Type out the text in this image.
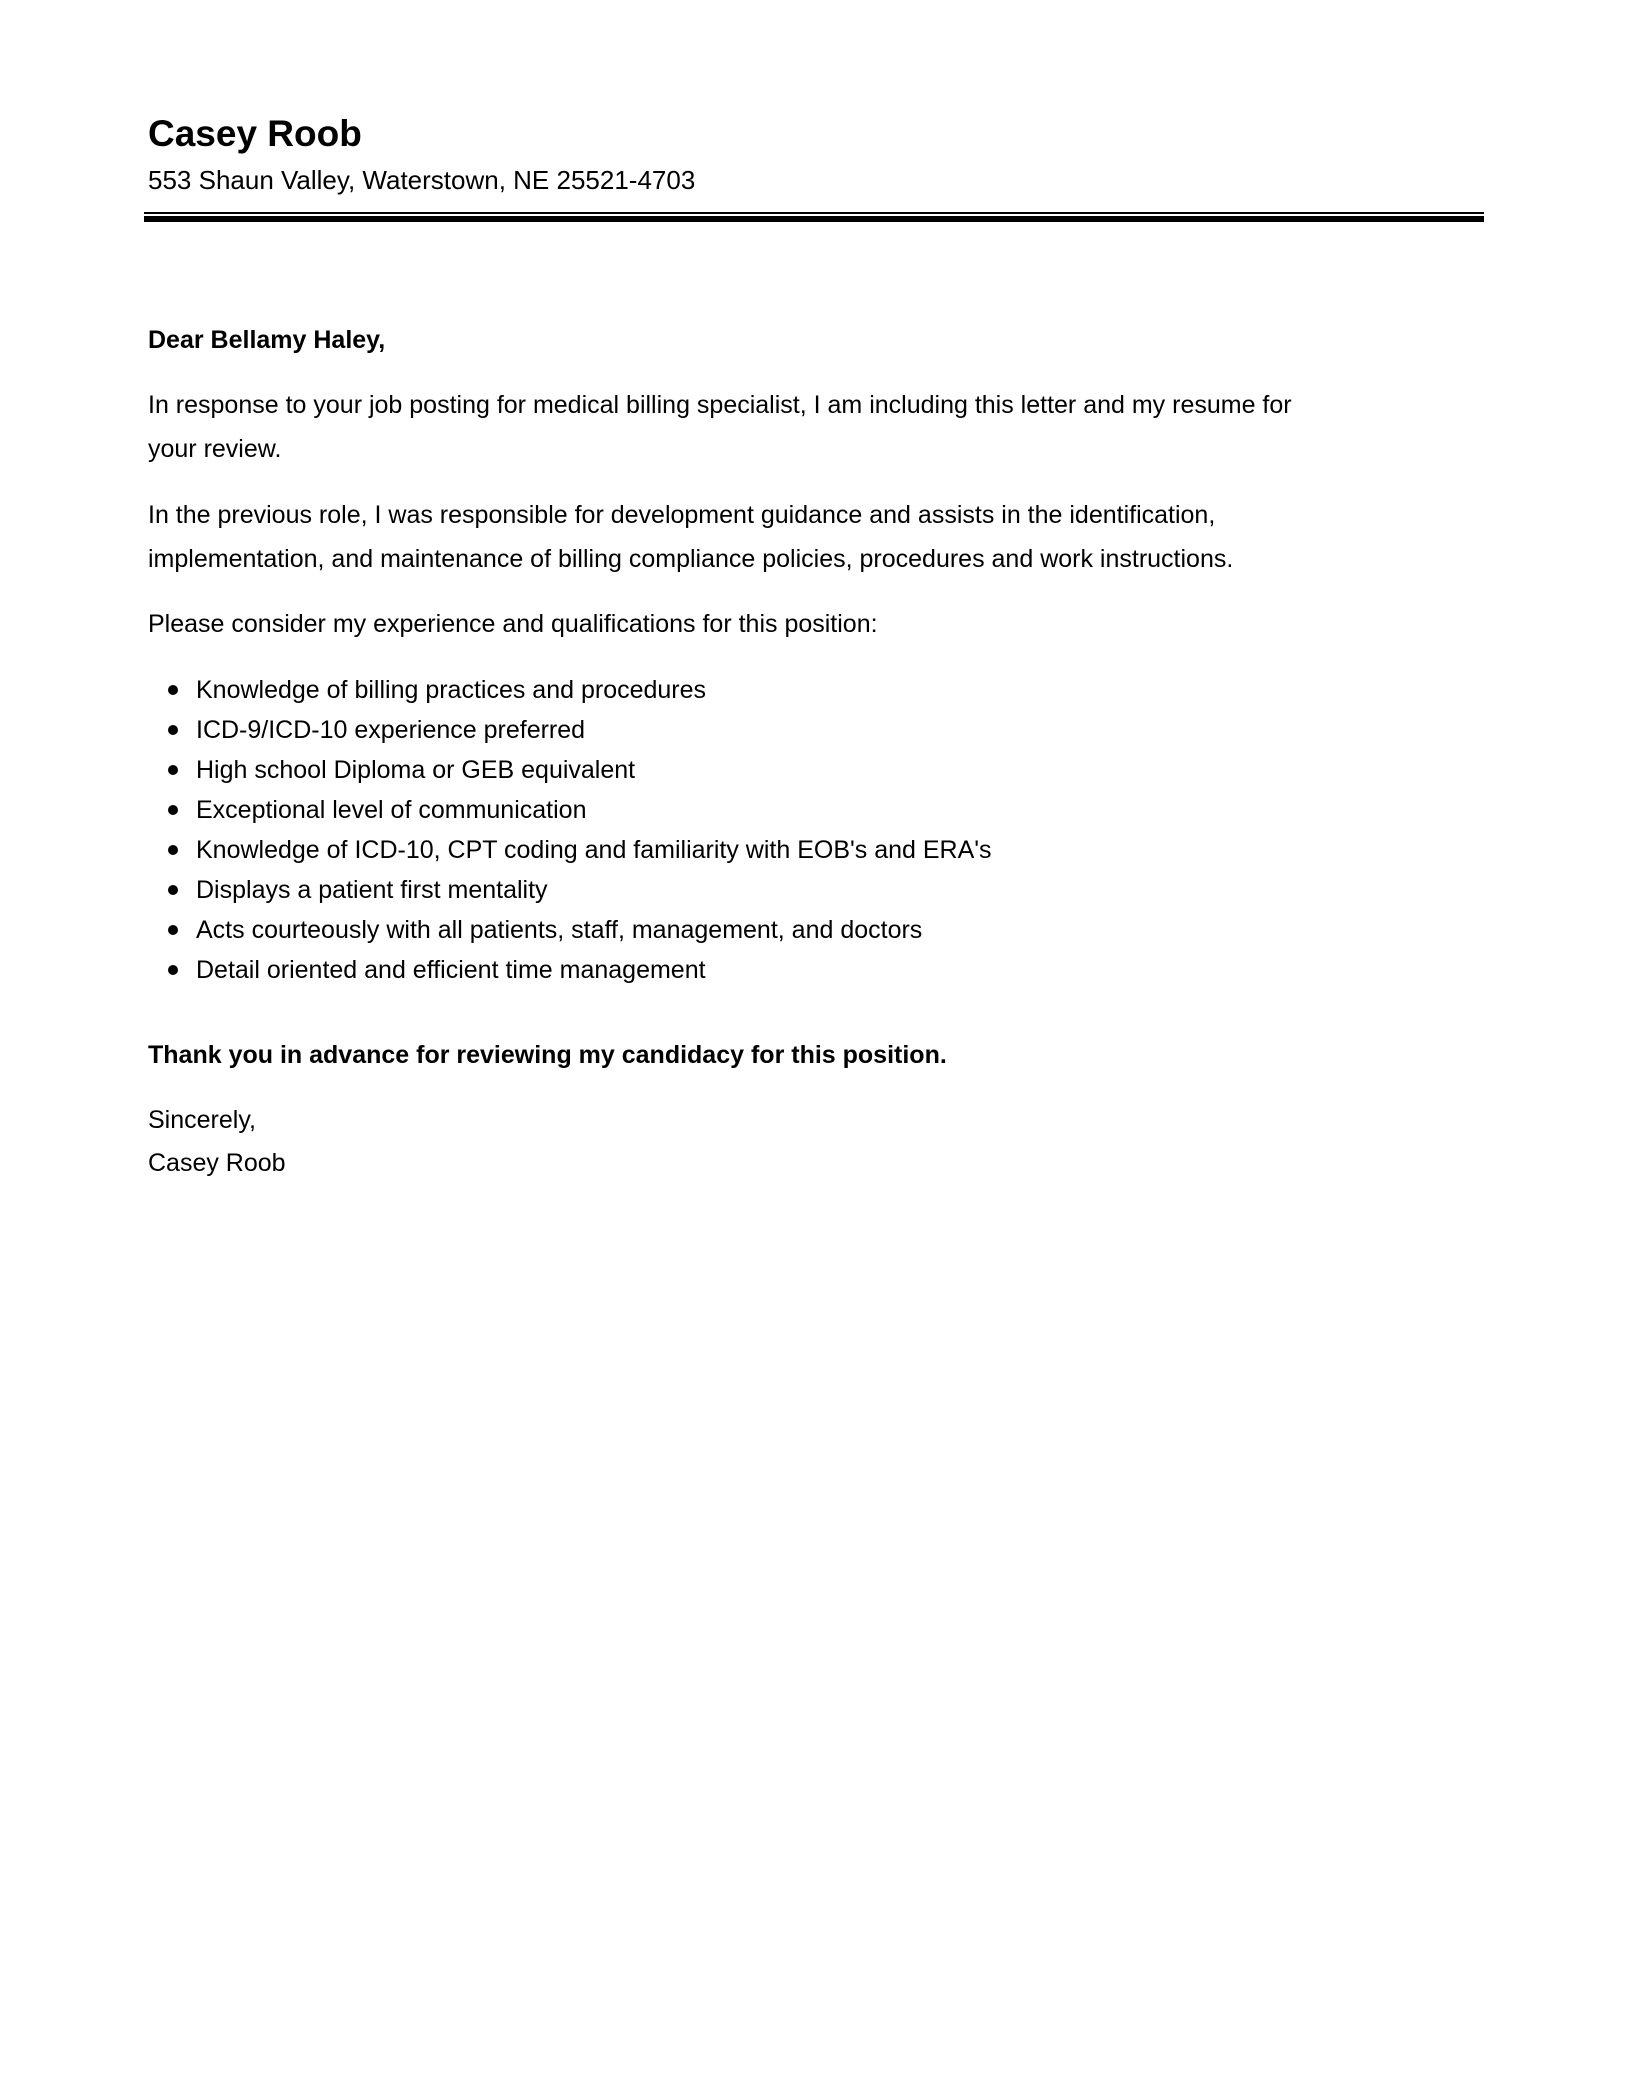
Casey Roob
553 Shaun Valley, Waterstown, NE 25521-4703
Dear Bellamy Haley,
In response to your job posting for medical billing specialist, I am including this letter and my resume for
your review.
In the previous role, I was responsible for development guidance and assists in the identification,
implementation, and maintenance of billing compliance policies, procedures and work instructions.
Please consider my experience and qualifications for this position:
Knowledge of billing practices and procedures
ICD-9/ICD-10 experience preferred
High school Diploma or GEB equivalent
Exceptional level of communication
Knowledge of ICD-10, CPT coding and familiarity with EOB's and ERA's
Displays a patient first mentality
Acts courteously with all patients, staff, management, and doctors
Detail oriented and efficient time management
Thank you in advance for reviewing my candidacy for this position.
Sincerely,
Casey Roob
